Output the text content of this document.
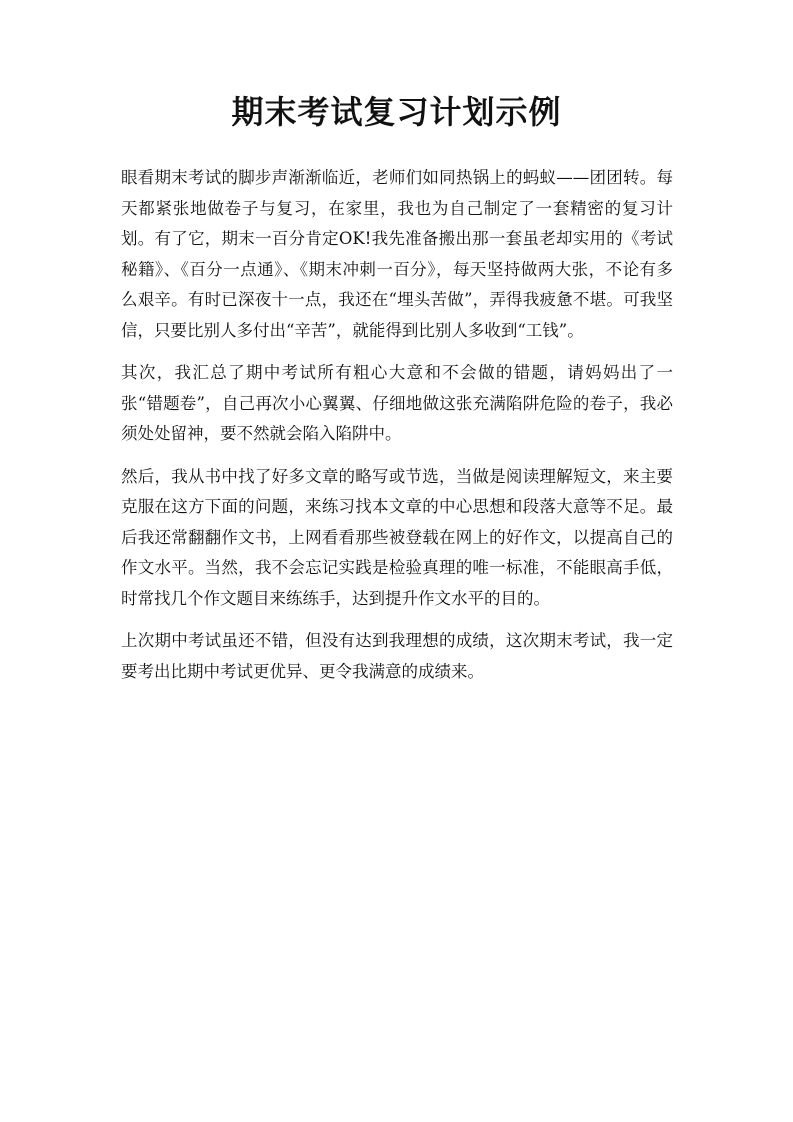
期末考试复习计划示例

眼看期末考试的脚步声渐渐临近，老师们如同热锅上的蚂蚁——团团转。每天都紧张地做卷子与复习，在家里，我也为自己制定了一套精密的复习计划。有了它，期末一百分肯定OK!我先准备搬出那一套虽老却实用的《考试秘籍》、《百分一点通》、《期末冲刺一百分》，每天坚持做两大张，不论有多么艰辛。有时已深夜十一点，我还在“埋头苦做”，弄得我疲惫不堪。可我坚信，只要比别人多付出“辛苦”，就能得到比别人多收到“工钱”。

其次，我汇总了期中考试所有粗心大意和不会做的错题，请妈妈出了一张“错题卷”，自己再次小心翼翼、仔细地做这张充满陷阱危险的卷子，我必须处处留神，要不然就会陷入陷阱中。

然后，我从书中找了好多文章的略写或节选，当做是阅读理解短文，来主要克服在这方下面的问题，来练习找本文章的中心思想和段落大意等不足。最后我还常翻翻作文书，上网看看那些被登载在网上的好作文，以提高自己的作文水平。当然，我不会忘记实践是检验真理的唯一标准，不能眼高手低，时常找几个作文题目来练练手，达到提升作文水平的目的。

上次期中考试虽还不错，但没有达到我理想的成绩，这次期末考试，我一定要考出比期中考试更优异、更令我满意的成绩来。
